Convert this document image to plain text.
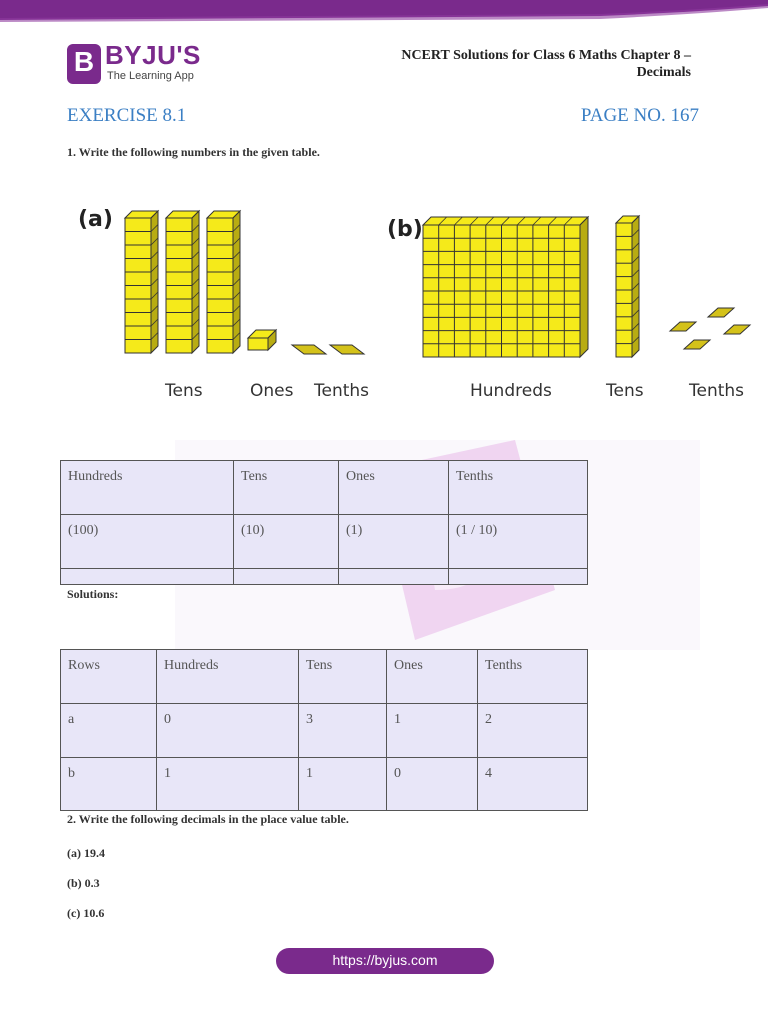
B BYJU'S
The Learning App
NCERT Solutions for Class 6 Maths Chapter 8 –
Decimals
EXERCISE 8.1	PAGE NO. 167
1. Write the following numbers in the given table.
(a)	(b)
Tens	Ones Tenths	Hundreds	Tens	Tenths
Hundreds	Tens	Ones	Tenths
(100)	(10)	(1)	(1 / 10)

Solutions:
Rows	Hundreds	Tens	Ones	Tenths
a	0	3	1	2
b	1	1	0	4
2. Write the following decimals in the place value table.
(a) 19.4
(b) 0.3
(c) 10.6
https://byjus.com
